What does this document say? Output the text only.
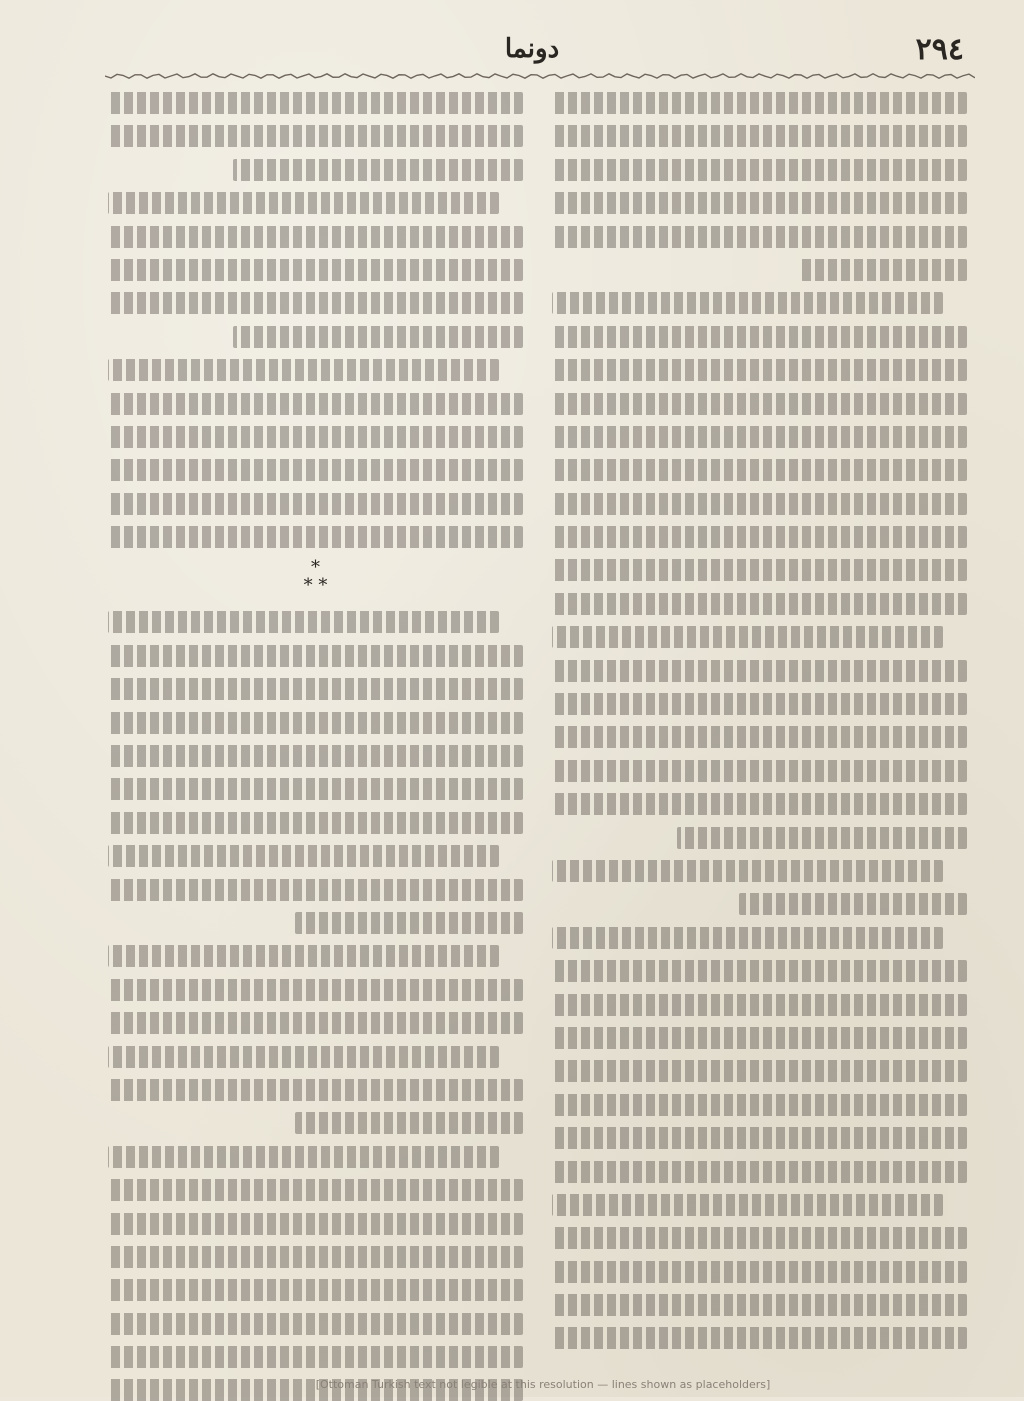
٢٩٤
دونما
*
* *
[Ottoman Turkish text not legible at this resolution — lines shown as placeholders]
